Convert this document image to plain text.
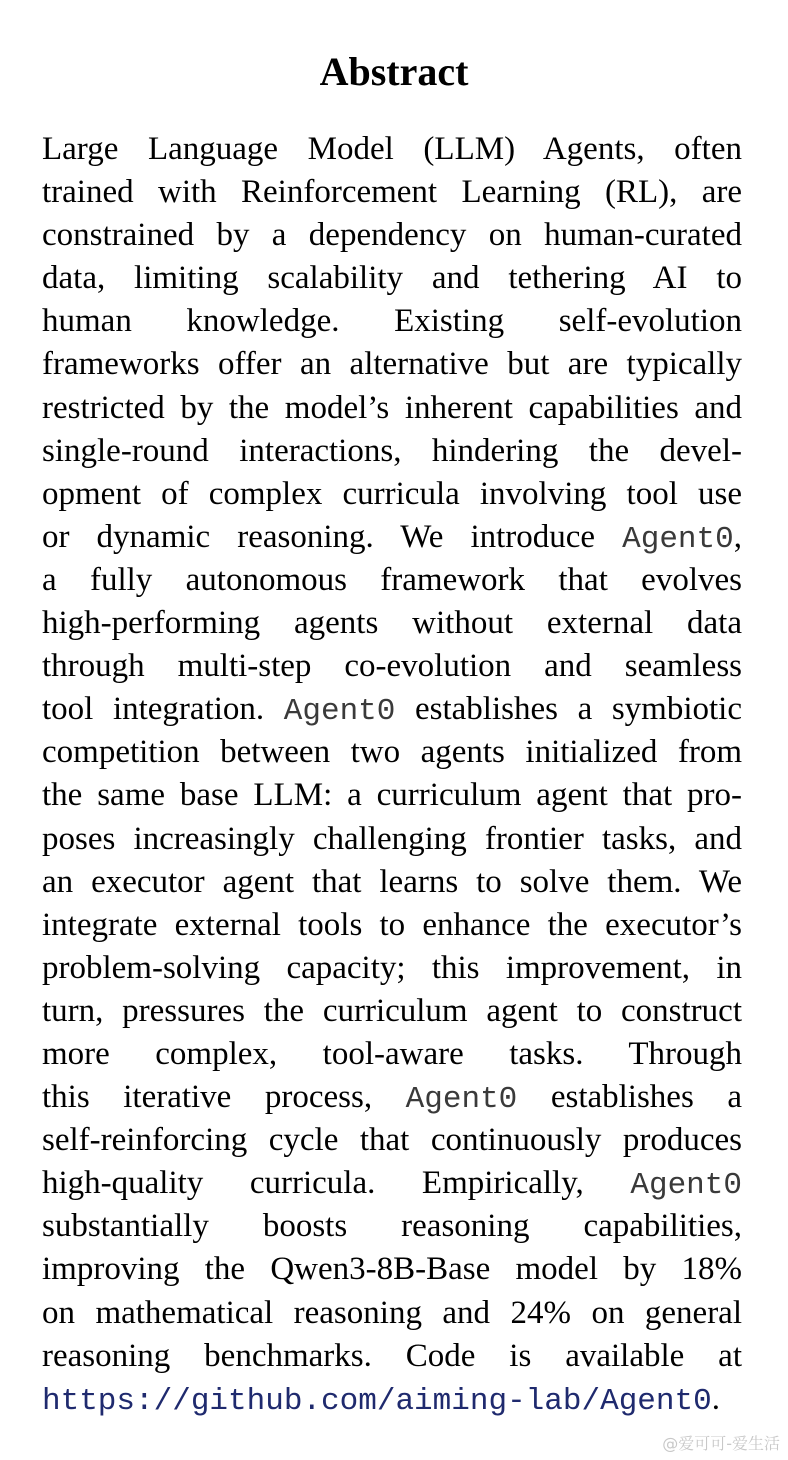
Abstract
Large Language Model (LLM) Agents, often
trained with Reinforcement Learning (RL), are
constrained by a dependency on human-curated
data, limiting scalability and tethering AI to
human knowledge. Existing self-evolution
frameworks offer an alternative but are typically
restricted by the model’s inherent capabilities and
single-round interactions, hindering the devel-
opment of complex curricula involving tool use
or dynamic reasoning. We introduce Agent0,
a fully autonomous framework that evolves
high-performing agents without external data
through multi-step co-evolution and seamless
tool integration. Agent0 establishes a symbiotic
competition between two agents initialized from
the same base LLM: a curriculum agent that pro-
poses increasingly challenging frontier tasks, and
an executor agent that learns to solve them. We
integrate external tools to enhance the executor’s
problem-solving capacity; this improvement, in
turn, pressures the curriculum agent to construct
more complex, tool-aware tasks. Through
this iterative process, Agent0 establishes a
self-reinforcing cycle that continuously produces
high-quality curricula. Empirically, Agent0
substantially boosts reasoning capabilities,
improving the Qwen3-8B-Base model by 18%
on mathematical reasoning and 24% on general
reasoning benchmarks. Code is available at
https://github.com/aiming-lab/Agent0.
@爱可可-爱生活
